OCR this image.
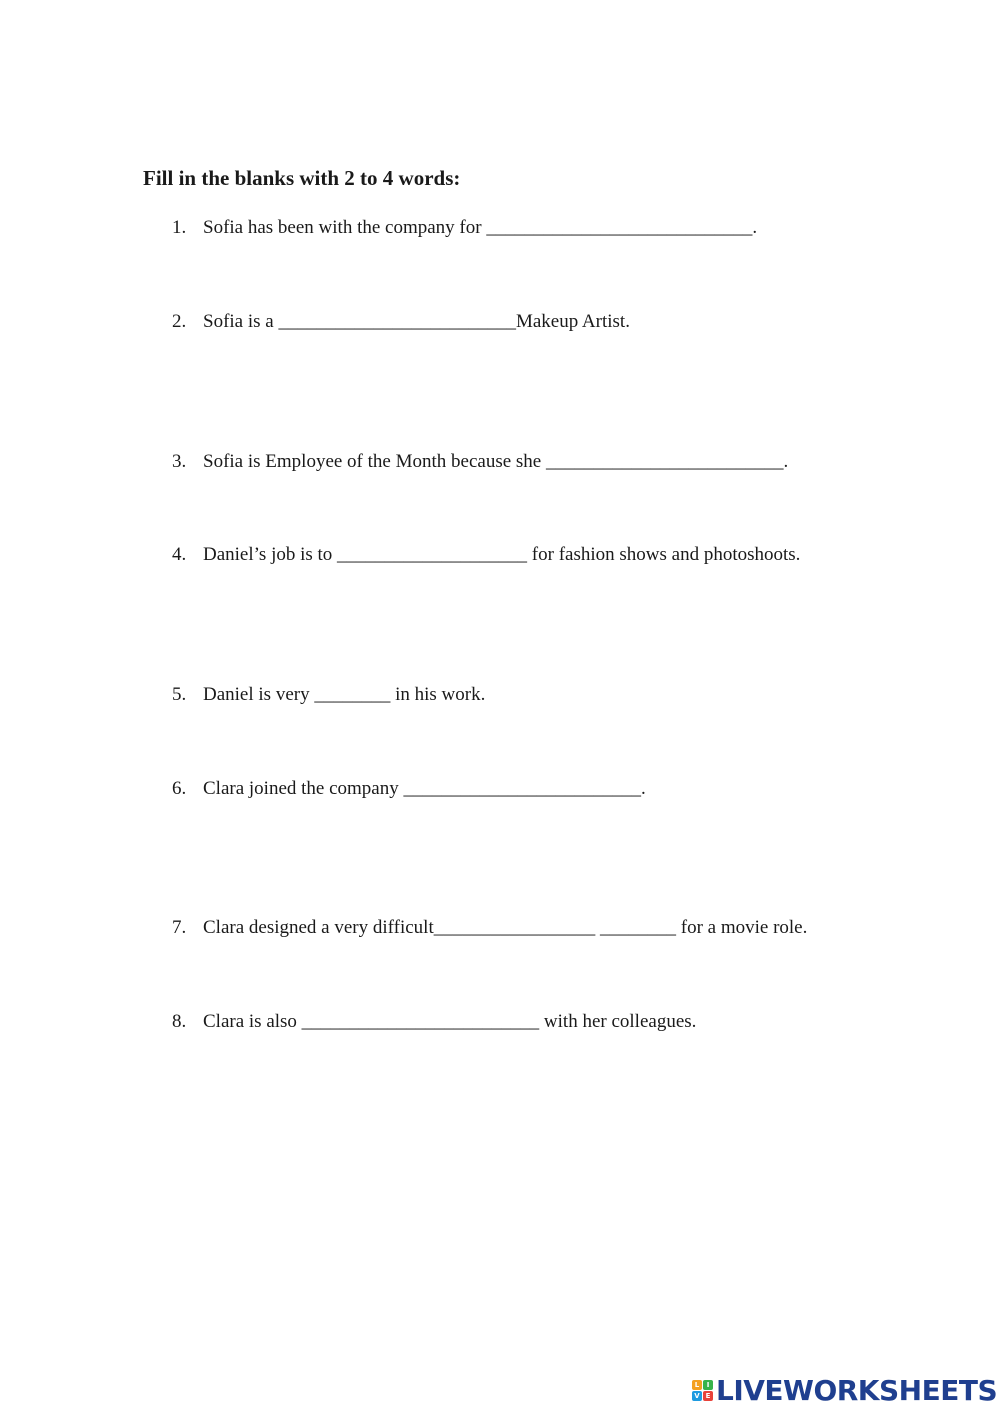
Fill in the blanks with 2 to 4 words:
1. Sofia has been with the company for ____________________________.
2. Sofia is a _________________________Makeup Artist.
3. Sofia is Employee of the Month because she _________________________.
4. Daniel’s job is to ____________________ for fashion shows and photoshoots.
5. Daniel is very ________ in his work.
6. Clara joined the company _________________________.
7. Clara designed a very difficult_________________ ________ for a movie role.
8. Clara is also _________________________ with her colleagues.
L	I
V E LIVEWORKSHEETS
